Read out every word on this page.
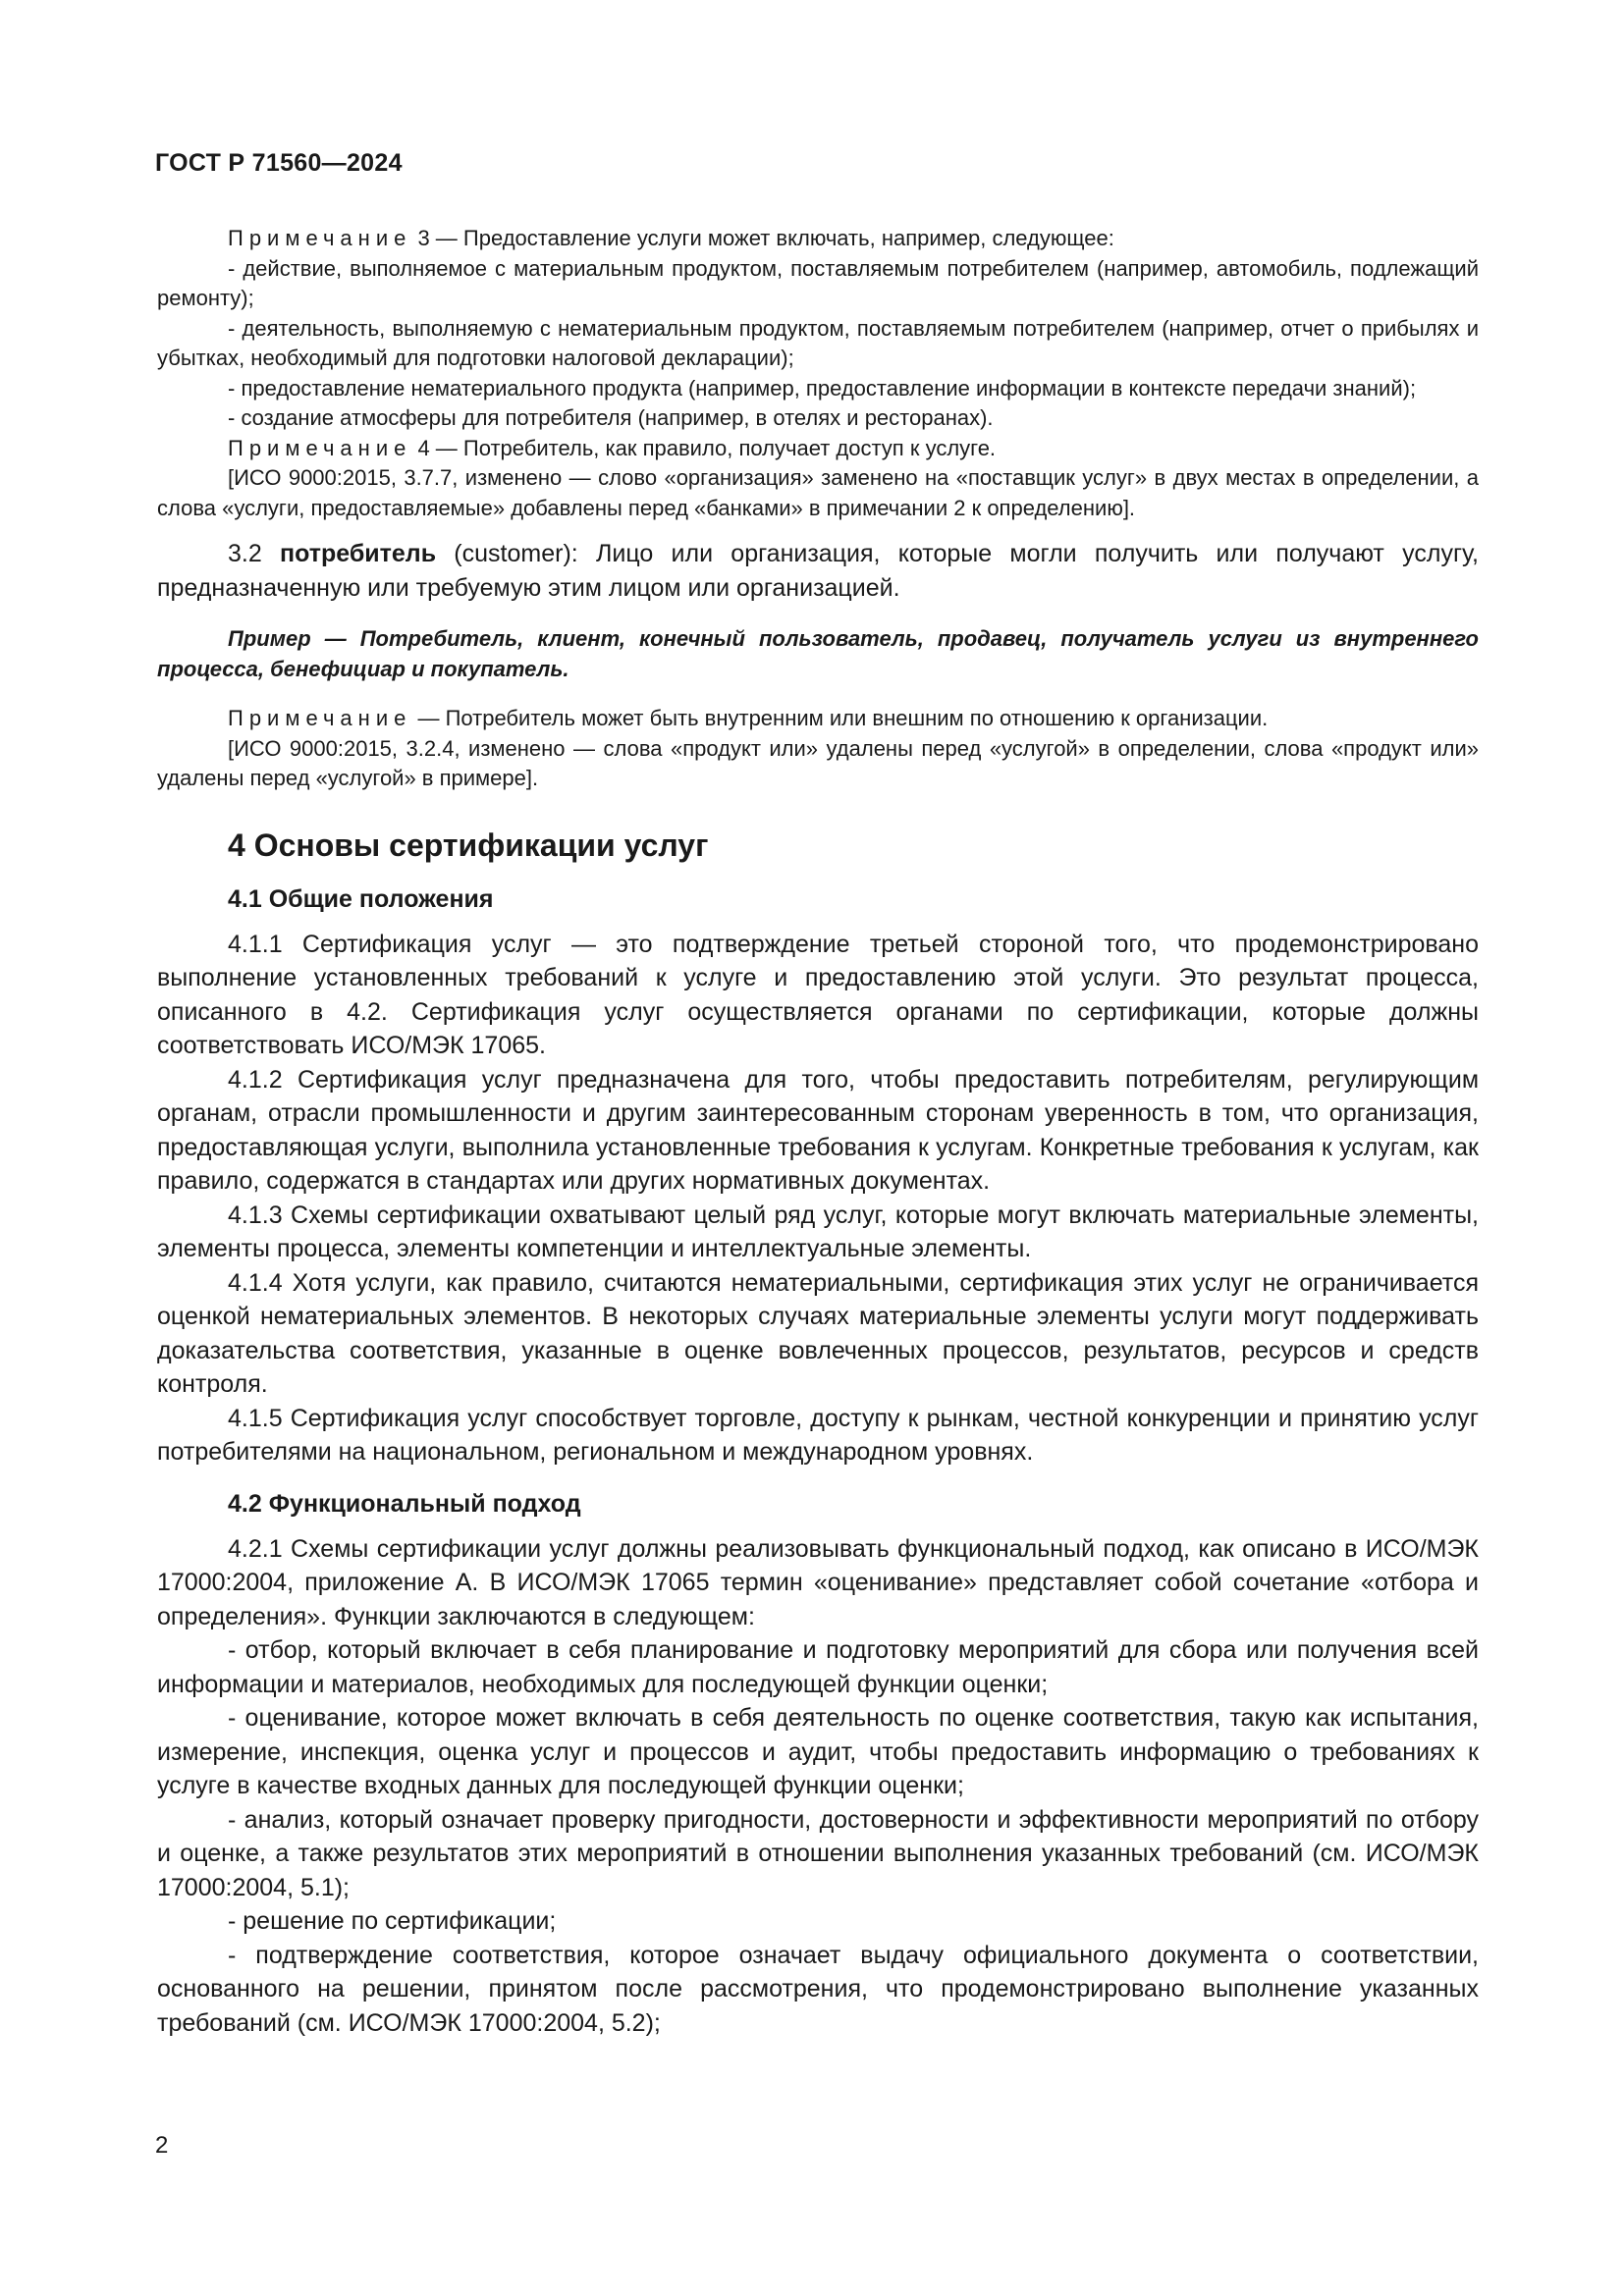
ГОСТ Р 71560—2024

Примечание 3 — Предоставление услуги может включать, например, следующее:

- действие, выполняемое с материальным продуктом, поставляемым потребителем (например, автомобиль, подлежащий ремонту);

- деятельность, выполняемую с нематериальным продуктом, поставляемым потребителем (например, отчет о прибылях и убытках, необходимый для подготовки налоговой декларации);

- предоставление нематериального продукта (например, предоставление информации в контексте передачи знаний);

- создание атмосферы для потребителя (например, в отелях и ресторанах).

Примечание 4 — Потребитель, как правило, получает доступ к услуге.

[ИСО 9000:2015, 3.7.7, изменено — слово «организация» заменено на «поставщик услуг» в двух местах в определении, а слова «услуги, предоставляемые» добавлены перед «банками» в примечании 2 к определению].

3.2 потребитель (customer): Лицо или организация, которые могли получить или получают услугу, предназначенную или требуемую этим лицом или организацией.

Пример — Потребитель, клиент, конечный пользователь, продавец, получатель услуги из внутреннего процесса, бенефициар и покупатель.

Примечание — Потребитель может быть внутренним или внешним по отношению к организации.

[ИСО 9000:2015, 3.2.4, изменено — слова «продукт или» удалены перед «услугой» в определении, слова «продукт или» удалены перед «услугой» в примере].

4 Основы сертификации услуг
4.1 Общие положения

4.1.1 Сертификация услуг — это подтверждение третьей стороной того, что продемонстрировано выполнение установленных требований к услуге и предоставлению этой услуги. Это результат процесса, описанного в 4.2. Сертификация услуг осуществляется органами по сертификации, которые должны соответствовать ИСО/МЭК 17065.

4.1.2 Сертификация услуг предназначена для того, чтобы предоставить потребителям, регулирующим органам, отрасли промышленности и другим заинтересованным сторонам уверенность в том, что организация, предоставляющая услуги, выполнила установленные требования к услугам. Конкретные требования к услугам, как правило, содержатся в стандартах или других нормативных документах.

4.1.3 Схемы сертификации охватывают целый ряд услуг, которые могут включать материальные элементы, элементы процесса, элементы компетенции и интеллектуальные элементы.

4.1.4 Хотя услуги, как правило, считаются нематериальными, сертификация этих услуг не ограничивается оценкой нематериальных элементов. В некоторых случаях материальные элементы услуги могут поддерживать доказательства соответствия, указанные в оценке вовлеченных процессов, результатов, ресурсов и средств контроля.

4.1.5 Сертификация услуг способствует торговле, доступу к рынкам, честной конкуренции и принятию услуг потребителями на национальном, региональном и международном уровнях.

4.2 Функциональный подход

4.2.1 Схемы сертификации услуг должны реализовывать функциональный подход, как описано в ИСО/МЭК 17000:2004, приложение А. В ИСО/МЭК 17065 термин «оценивание» представляет собой сочетание «отбора и определения». Функции заключаются в следующем:

- отбор, который включает в себя планирование и подготовку мероприятий для сбора или получения всей информации и материалов, необходимых для последующей функции оценки;

- оценивание, которое может включать в себя деятельность по оценке соответствия, такую как испытания, измерение, инспекция, оценка услуг и процессов и аудит, чтобы предоставить информацию о требованиях к услуге в качестве входных данных для последующей функции оценки;

- анализ, который означает проверку пригодности, достоверности и эффективности мероприятий по отбору и оценке, а также результатов этих мероприятий в отношении выполнения указанных требований (см. ИСО/МЭК 17000:2004, 5.1);

- решение по сертификации;

- подтверждение соответствия, которое означает выдачу официального документа о соответствии, основанного на решении, принятом после рассмотрения, что продемонстрировано выполнение указанных требований (см. ИСО/МЭК 17000:2004, 5.2);

2
